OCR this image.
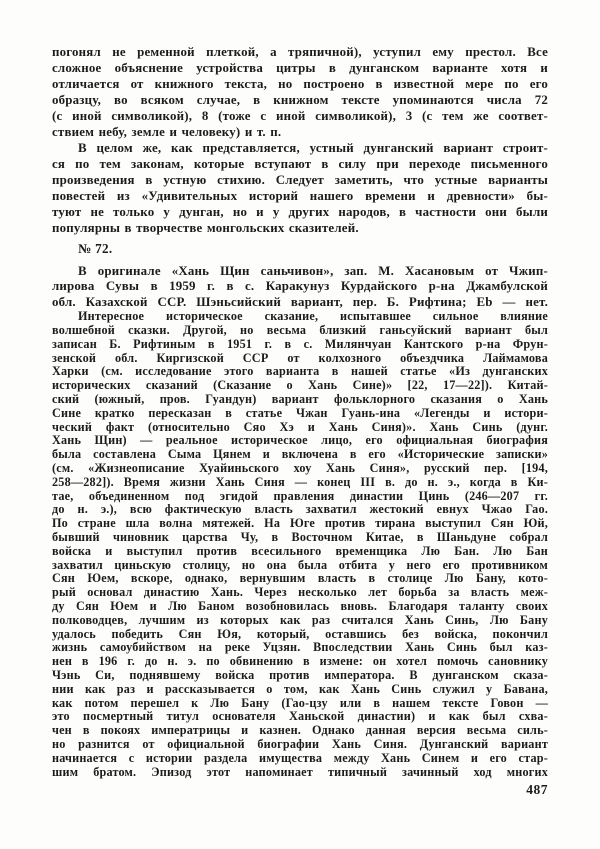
погонял не ременной плеткой, а тряпичной), уступил ему престол. Все
сложное объяснение устройства цитры в дунганском варианте хотя и
отличается от книжного текста, но построено в известной мере по его
образцу, во всяком случае, в книжном тексте упоминаются числа 72
(с иной символикой), 8 (тоже с иной символикой), 3 (с тем же соответ-
ствием небу, земле и человеку) и т. п.

В целом же, как представляется, устный дунганский вариант строит-
ся по тем законам, которые вступают в силу при переходе письменного
произведения в устную стихию. Следует заметить, что устные варианты
повестей из «Удивительных историй нашего времени и древности» бы-
туют не только у дунган, но и у других народов, в частности они были
популярны в творчестве монгольских сказителей.

№ 72.

В оригинале «Хань Щин саньчивон», зап. М. Хасановым от Чжип-
лирова Сувы в 1959 г. в с. Каракунуз Курдайского р-на Джамбулской
обл. Казахской ССР. Шэньсийский вариант, пер. Б. Рифтина; Eb — нет.

Интересное историческое сказание, испытавшее сильное влияние
волшебной сказки. Другой, но весьма близкий ганьсуйский вариант был
записан Б. Рифтиным в 1951 г. в с. Милянчуан Кантского р-на Фрун-
зенской обл. Киргизской ССР от колхозного объездчика Лаймамова
Харки (см. исследование этого варианта в нашей статье «Из дунганских
исторических сказаний (Сказание о Хань Сине)» [22, 17—22]). Китай-
ский (южный, пров. Гуандун) вариант фольклорного сказания о Хань
Сине кратко пересказан в статье Чжан Гуань-ина «Легенды и истори-
ческий факт (относительно Сяо Хэ и Хань Синя)». Хань Синь (дунг.
Хань Щин) — реальное историческое лицо, его официальная биография
была составлена Сыма Цянем и включена в его «Исторические записки»
(см. «Жизнеописание Хуайиньского хоу Хань Синя», русский пер. [194,
258—282]). Время жизни Хань Синя — конец III в. до н. э., когда в Ки-
тае, объединенном под эгидой правления династии Цинь (246—207 гг.
до н. э.), всю фактическую власть захватил жестокий евнух Чжао Гао.
По стране шла волна мятежей. На Юге против тирана выступил Сян Юй,
бывший чиновник царства Чу, в Восточном Китае, в Шаньдуне собрал
войска и выступил против всесильного временщика Лю Бан. Лю Бан
захватил циньскую столицу, но она была отбита у него его противником
Сян Юем, вскоре, однако, вернувшим власть в столице Лю Бану, кото-
рый основал династию Хань. Через несколько лет борьба за власть меж-
ду Сян Юем и Лю Баном возобновилась вновь. Благодаря таланту своих
полководцев, лучшим из которых как раз считался Хань Синь, Лю Бану
удалось победить Сян Юя, который, оставшись без войска, покончил
жизнь самоубийством на реке Уцзян. Впоследствии Хань Синь был каз-
нен в 196 г. до н. э. по обвинению в измене: он хотел помочь сановнику
Чэнь Си, поднявшему войска против императора. В дунганском сказа-
нии как раз и рассказывается о том, как Хань Синь служил у Бавана,
как потом перешел к Лю Бану (Гао-цзу или в нашем тексте Говон —
это посмертный титул основателя Ханьской династии) и как был схва-
чен в покоях императрицы и казнен. Однако данная версия весьма силь-
но разнится от официальной биографии Хань Синя. Дунганский вариант
начинается с истории раздела имущества между Хань Синем и его стар-
шим братом. Эпизод этот напоминает типичный зачинный ход многих

487
